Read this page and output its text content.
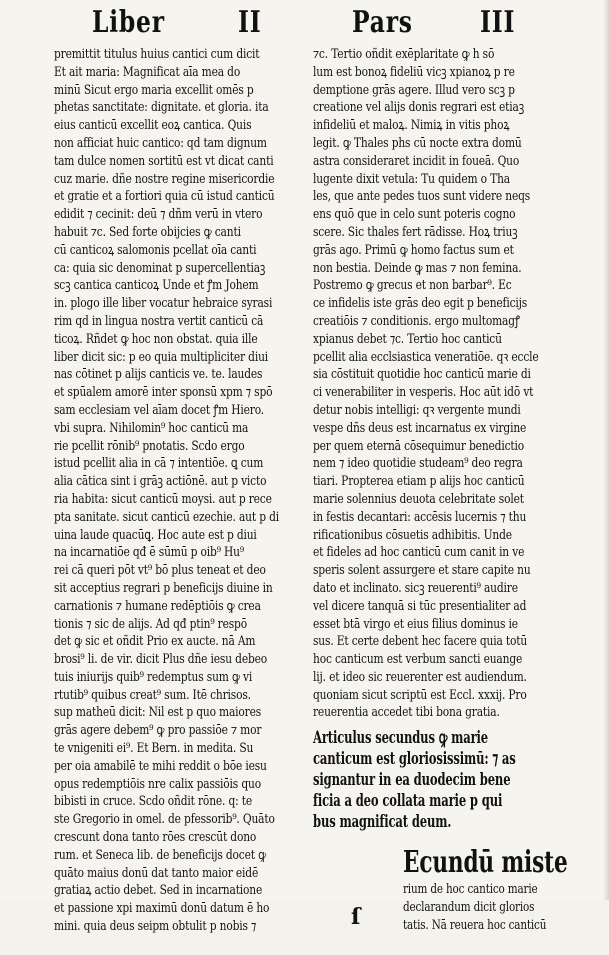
Liber II	Pars III
premittit titulus huius cantici cum dicit
Et ait maria: Magnificat aīa mea do
minū Sicut ergo maria excellit omēs p
phetas sanctitate: dignitate. et gloria. ita
eius canticū excellit eoꝝ cantica. Quis
non afficiat huic cantico: qd tam dignum
tam dulce nomen sortitū est vt dicat canti
cuz marie. dñe nostre regine misericordie
et gratie et a fortiori quia cū istud canticū
edidit ⁊ cecinit: deū ⁊ dñm verū in vtero
habuit ⁊c. Sed forte obijcies ꝙ canti
cū canticoꝝ salomonis pcellat oīa canti
ca: quia sic denominat p supercellentiaꝫ
scꝫ cantica canticoꝝ Unde et ꝭm Johem
in. plogo ille liber vocatur hebraice syrasi
rim qd in lingua nostra vertit canticū cā
ticoꝝ. Rñdet ꝙ hoc non obstat. quia ille
liber dicit sic: p eo quia multipliciter diui
nas cōtinet p alijs canticis ve. te. laudes
et spūalem amorē inter sponsū xpm ⁊ spō
sam ecclesiam vel aīam docet ꝭm Hiero.
vbi supra. Nihilomin⁹ hoc canticū ma
rie pcellit rōnib⁹ pnotatis. Scdo ergo
istud pcellit alia in cā ⁊ intentiōe. ꝗ cum
alia cātica sint i grāꝫ actiōnē. aut p victo
ria habita: sicut canticū moysi. aut p rece
pta sanitate. sicut canticū ezechie. aut p di
uina laude quacūꝗ. Hoc aute est p diui
na incarnatiōe qđ ē sūmū p oib⁹ Hu⁹
rei cā queri pōt vt⁹ bō plus teneat et deo
sit acceptius regrari p beneficijs diuine in
carnationis ⁊ humane redēptiōis ꝙ crea
tionis ⁊ sic de alijs. Ad qđ ptin⁹ respō
det ꝙ sic et oñdit Prio ex aucte. nā Am
brosi⁹ li. de vir. dicit Plus dñe iesu debeo
tuis iniurijs quib⁹ redemptus sum ꝙ vi
rtutib⁹ quibus creat⁹ sum. Itē chrisos.
sup matheū dicit: Nil est p quo maiores
grās agere debem⁹ ꝙ pro passiōe ⁊ mor
te vnigeniti ei⁹. Et Bern. in medita. Su
per oia amabilē te mihi reddit o bōe iesu
opus redemptiōis nre calix passiōis quo
bibisti in cruce. Scdo oñdit rōne. q: te
ste Gregorio in omel. de pfessorib⁹. Quāto
crescunt dona tanto rōes crescūt dono
rum. et Seneca lib. de beneficijs docet ꝙ
quāto maius donū dat tanto maior eidē
gratiaꝝ actio debet. Sed in incarnatione
et passione xpi maximū donū datum ē ho
mini. quia deus seipm obtulit p nobis ⁊
⁊c. Tertio oñdit exēplaritate ꝙ h sō
lum est bonoꝝ fideliū vicꝫ xpianoꝝ p re
demptione grās agere. Illud vero scꝫ p
creatione vel alijs donis regrari est etiaꝫ
infideliū et maloꝝ. Nimiꝝ in vitis phoꝝ
legit. ꝙ Thales phs cū nocte extra domū
astra consideraret incidit in foueā. Quo
lugente dixit vetula: Tu quidem o Tha
les, que ante pedes tuos sunt videre neqs
ens quō que in celo sunt poteris cogno
scere. Sic thales fert rādisse. Hoꝝ triuꝫ
grās ago. Primū ꝙ homo factus sum et
non bestia. Deinde ꝙ mas ⁊ non femina.
Postremo ꝙ grecus et non barbar⁹. Ec
ce infidelis iste grās deo egit p beneficijs
creatiōis ⁊ conditionis. ergo multomagꝭ
xpianus debet ⁊c. Tertio hoc canticū
pcellit alia ecclsiastica veneratiōe. qꝛ eccle
sia cōstituit quotidie hoc canticū marie di
ci venerabiliter in vesperis. Hoc aūt idō vt
detur nobis intelligi: qꝛ vergente mundi
vespe dñs deus est incarnatus ex virgine
per quem eternā cōsequimur benedictio
nem ⁊ ideo quotidie studeam⁹ deo regra
tiari. Propterea etiam p alijs hoc canticū
marie solennius deuota celebritate solet
in festis decantari: accēsis lucernis ⁊ thu
rificationibus cōsuetis adhibitis. Unde
et fideles ad hoc canticū cum canit in ve
speris solent assurgere et stare capite nu
dato et inclinato. sicꝫ reuerenti⁹ audire
vel dicere tanquā si tūc presentialiter ad
esset btā virgo et eius filius dominus ie
sus. Et certe debent hec facere quia totū
hoc canticum est verbum sancti euange
lij. et ideo sic reuerenter est audiendum.
quoniam sicut scriptū est Eccl. xxxij. Pro
reuerentia accedet tibi bona gratia.
Articulus secundus ꝙ marie
canticum est gloriosissimū: ⁊ as
signantur in ea duodecim bene
ficia a deo collata marie p qui
bus magnificat deum.
Ecundū miste
ſ
rium de hoc cantico marie
declarandum dicit glorios
tatis. Nā reuera hoc canticū
